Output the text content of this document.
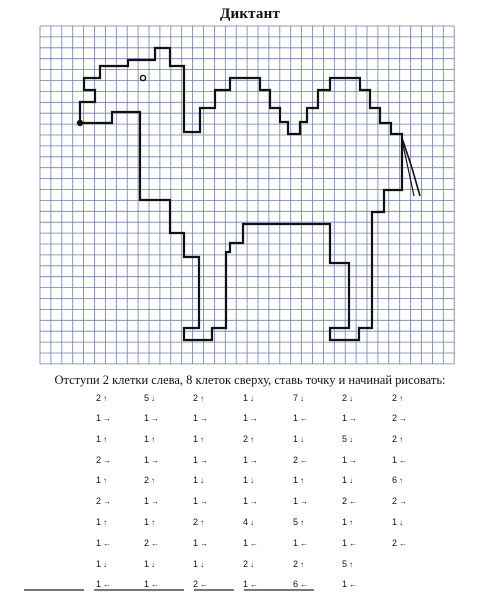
Диктант
Отступи 2 клетки слева, 8 клеток сверху, ставь точку и начинай рисовать:
2 ↑	5 ↓	2 ↑	1 ↓	7 ↓	2 ↓	2 ↑
1 →	1 →	1 →	1 →	1 ←	1 →	2 →
1 ↑	1 ↑	1 ↑	2 ↑	1 ↓	5 ↓	2 ↑
2 →	1 →	1 →	1 →	2 ←	1 →	1 ←
1 ↑	2 ↑	1 ↓	1 ↓	1 ↑	1 ↓	6 ↑
2 →	1 →	1 →	1 →	1 →	2 ←	2 →
1 ↑	1 ↑	2 ↑	4 ↓	5 ↑	1 ↑	1 ↓
1 ←	2 ←	1 →	1 ←	1 ←	1 ←	2 ←
1 ↓	1 ↓	1 ↓	2 ↓	2 ↑	5 ↑
1 ←	1 ←	2 ←	1 ←	6 ←	1 ←
